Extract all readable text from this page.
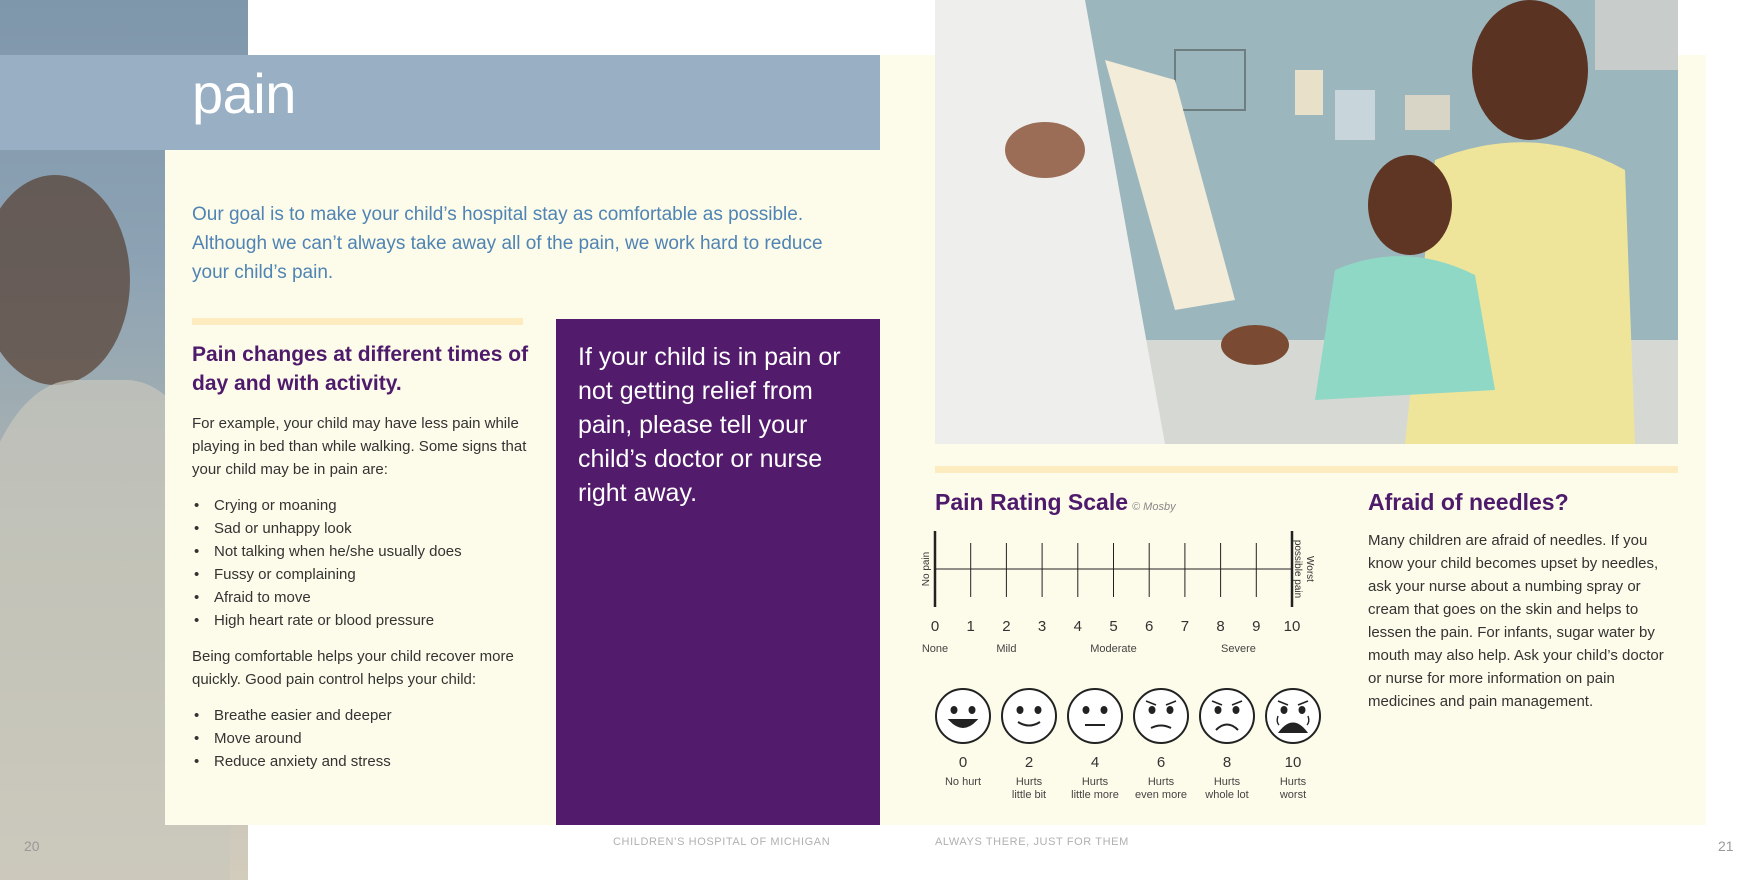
pain

Our goal is to make your child’s hospital stay as comfortable as possible. Although we can’t always take away all of the pain, we work hard to reduce your child’s pain.

Pain changes at different times of day and with activity.

For example, your child may have less pain while playing in bed than while walking. Some signs that your child may be in pain are:

• Crying or moaning
• Sad or unhappy look
• Not talking when he/she usually does
• Fussy or complaining
• Afraid to move
• High heart rate or blood pressure

Being comfortable helps your child recover more quickly. Good pain control helps your child:

• Breathe easier and deeper
• Move around
• Reduce anxiety and stress

If your child is in pain or not getting relief from pain, please tell your child’s doctor or nurse right away.	Pain Rating Scale © Mosby
0 1 2 3 4 5 6 7 8 9 10
No pain	Worst
possible pain
None	Mild	Moderate	Severe
0
No hurt
2
Hurts
little bit
4
Hurts
little more
6
Hurts
even more
8
Hurts
whole lot
10
Hurts
worst
Afraid of needles?

Many children are afraid of needles. If you know your child becomes upset by needles, ask your nurse about a numbing spray or cream that goes on the skin and helps to lessen the pain. For infants, sugar water by mouth may also help. Ask your child’s doctor or nurse for more information on pain medicines and pain management.

20	CHILDREN’S HOSPITAL OF MICHIGAN	ALWAYS THERE, JUST FOR THEM	21
